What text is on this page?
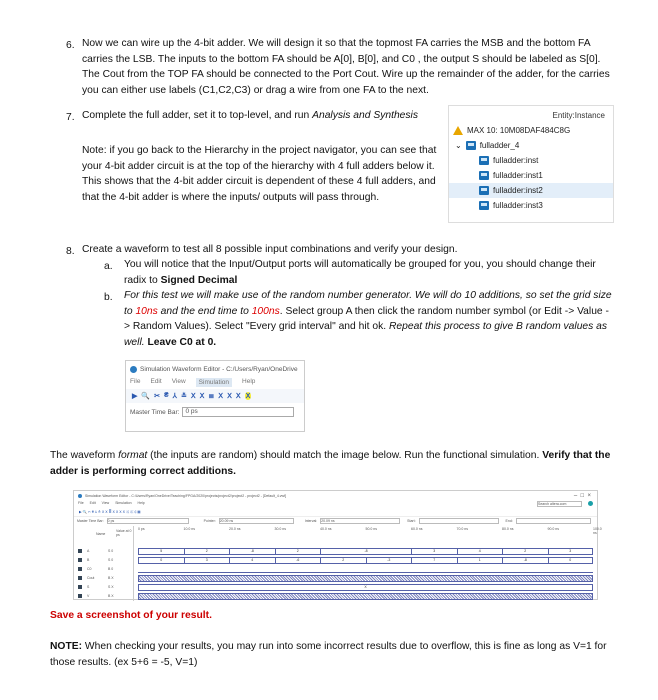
6. Now we can wire up the 4-bit adder. We will design it so that the topmost FA carries the MSB and the bottom FA carries the LSB. The inputs to the bottom FA should be A[0], B[0], and C0 , the output S should be labeled as S[0]. The Cout from the TOP FA should be connected to the Port Cout. Wire up the remainder of the adder, for the carries you can either use labels (C1,C2,C3) or drag a wire from one FA to the next.
7. Complete the full adder, set it to top-level, and run Analysis and Synthesis
Note: if you go back to the Hierarchy in the project navigator, you can see that your 4-bit adder circuit is at the top of the hierarchy with 4 full adders below it. This shows that the 4-bit adder circuit is dependent of these 4 full adders, and that the 4-bit adder is where the inputs/ outputs will pass through.
Entity:Instance
MAX 10: 10M08DAF484C8G
⌄ fulladder_4
fulladder:inst
fulladder:inst1
fulladder:inst2
fulladder:inst3
8. Create a waveform to test all 8 possible input combinations and verify your design.
a. You will notice that the Input/Output ports will automatically be grouped for you, you should change their radix to Signed Decimal
b. For this test we will make use of the random number generator. We will do 10 additions, so set the grid size to 10ns and the end time to 100ns. Select group A then click the random number symbol (or Edit -> Value -> Random Values). Select "Every grid interval" and hit ok. Repeat this process to give B random values as well. Leave C0 at 0.
Simulation Waveform Editor - C:/Users/Ryan/OneDrive
File Edit View	Simulation	Help
▶ 🔍 ✂ ₴ ⅄ ≛ Ⅹ Ⅹ ≣ Ⅹ Ⅹ Ⅹ Ⅹ
Master Time Bar: 0 ps
The waveform format (the inputs are random) should match the image below. Run the functional simulation. Verify that the adder is performing correct additions.
Simulation Waveform Editor - C:/Users/Ryan/OneDrive/Teaching/FPGA/2020/projects/project2/project2 - project2 - [Default_4.vwf]	–  □  ×
File Edit View Simulation Help	Search altera.com
▶ 🔍 ✂ ₴ ⅄ ≛ Ⅹ Ⅹ ≣ Ⅹ Ⅹ Ⅹ Ⅹ ⤨ ⤨ ⤨ ▦
Master Time Bar: 0 ps	Pointer: 20.09 ns	Interval: 20.09 ns	Start:	End:
Name
Value at 0 ps
0 ps	10.0 ns	20.0 ns	30.0 ns	40.0 ns	50.0 ns	60.0 ns	70.0 ns	80.0 ns	90.0 ns	100.0 ns
A	S 0	5	2	-8	2	-8	3	4	2	3
B	S 0	0	3	4	-6	2	-3	7	1	-8	0
C0	B 0
Cout	B X
S	S X	X
V	B X
Save a screenshot of your result.
NOTE: When checking your results, you may run into some incorrect results due to overflow, this is fine as long as V=1 for those results. (ex 5+6 = -5, V=1)
